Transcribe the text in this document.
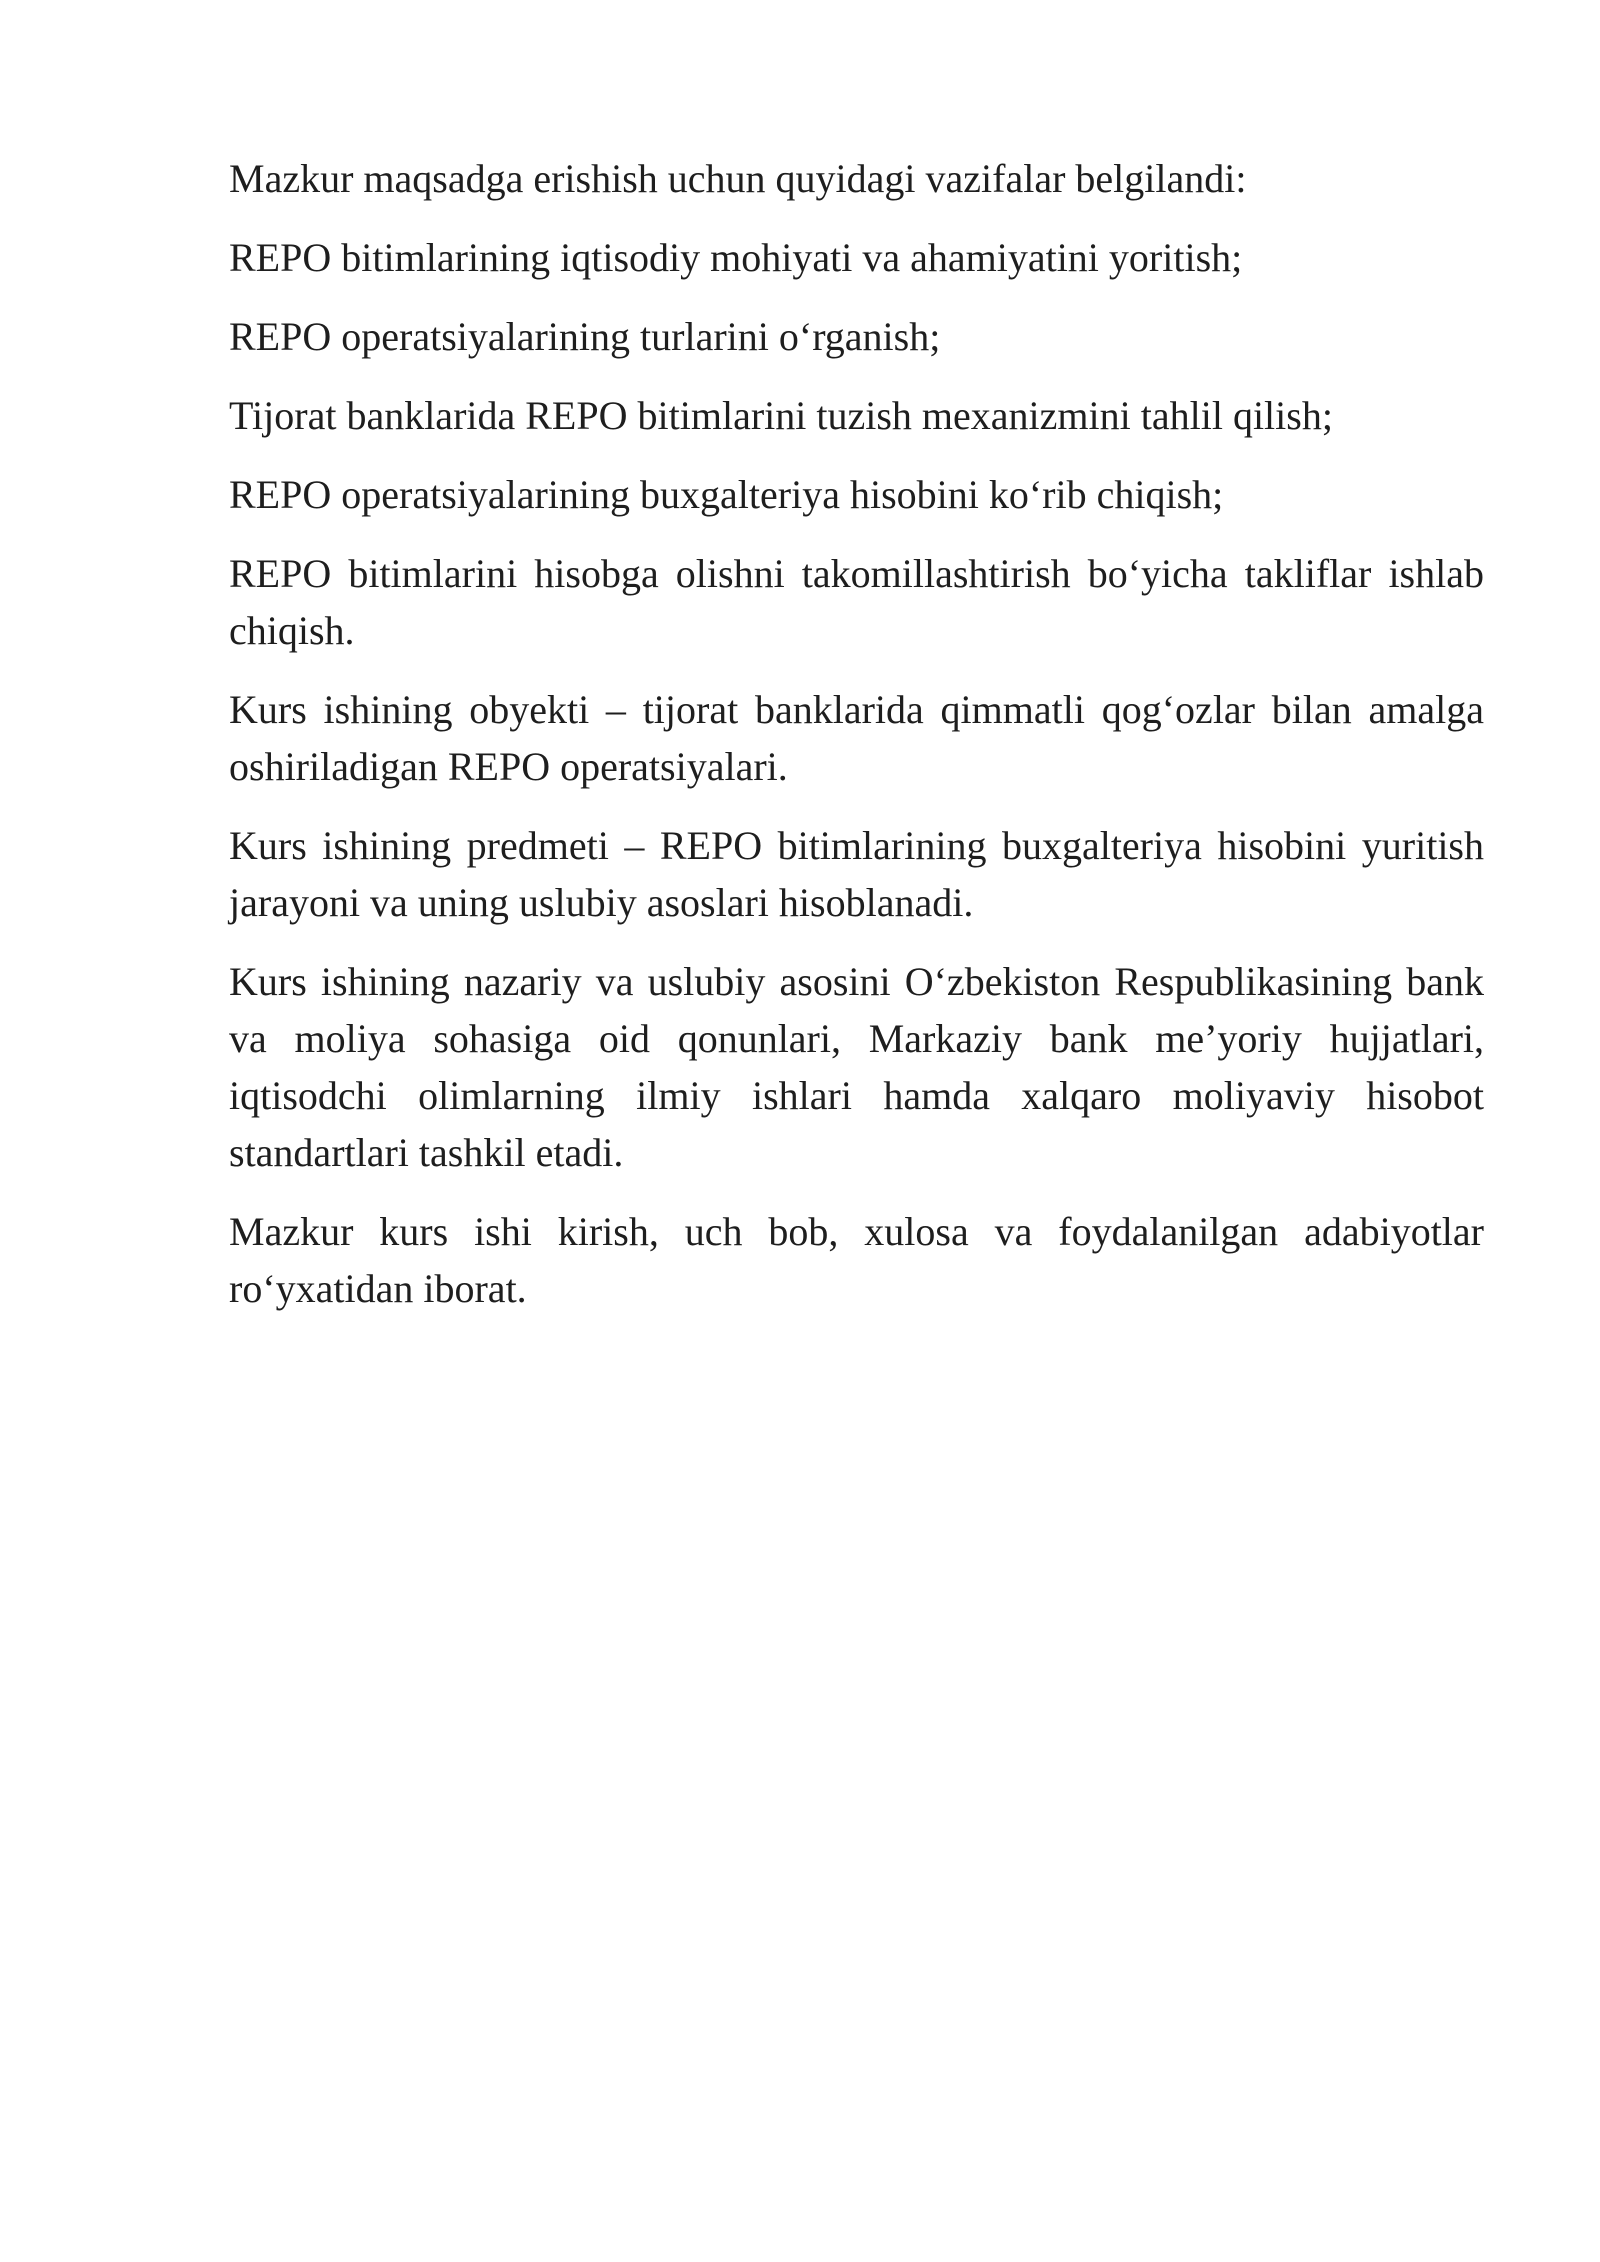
Mazkur maqsadga erishish uchun quyidagi vazifalar belgilandi:

REPO bitimlarining iqtisodiy mohiyati va ahamiyatini yoritish;

REPO operatsiyalarining turlarini o‘rganish;

Tijorat banklarida REPO bitimlarini tuzish mexanizmini tahlil qilish;

REPO operatsiyalarining buxgalteriya hisobini ko‘rib chiqish;

REPO bitimlarini hisobga olishni takomillashtirish bo‘yicha takliflar ishlab chiqish.

Kurs ishining obyekti – tijorat banklarida qimmatli qog‘ozlar bilan amalga oshiriladigan REPO operatsiyalari.

Kurs ishining predmeti – REPO bitimlarining buxgalteriya hisobini yuritish jarayoni va uning uslubiy asoslari hisoblanadi.

Kurs ishining nazariy va uslubiy asosini O‘zbekiston Respublikasining bank va moliya sohasiga oid qonunlari, Markaziy bank me’yoriy hujjatlari, iqtisodchi olimlarning ilmiy ishlari hamda xalqaro moliyaviy hisobot standartlari tashkil etadi.

Mazkur kurs ishi kirish, uch bob, xulosa va foydalanilgan adabiyotlar ro‘yxatidan iborat.
